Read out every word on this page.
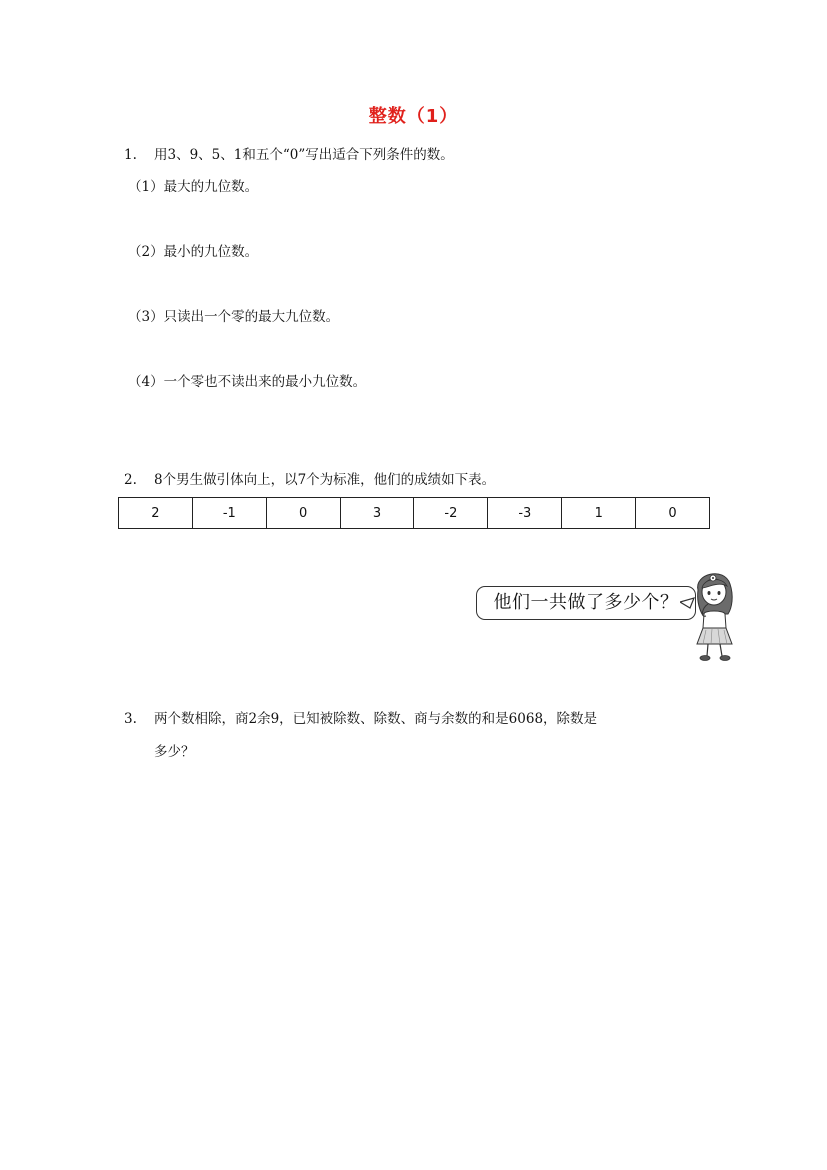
整数（1）
1. 用3、9、5、1和五个“0”写出适合下列条件的数。
（1）最大的九位数。
（2）最小的九位数。
（3）只读出一个零的最大九位数。
（4）一个零也不读出来的最小九位数。
2. 8个男生做引体向上，以7个为标准，他们的成绩如下表。
2	-1	0	3	-2	-3	1	0
他们一共做了多少个？
3. 两个数相除，商2余9，已知被除数、除数、商与余数的和是6068，除数是
多少？
